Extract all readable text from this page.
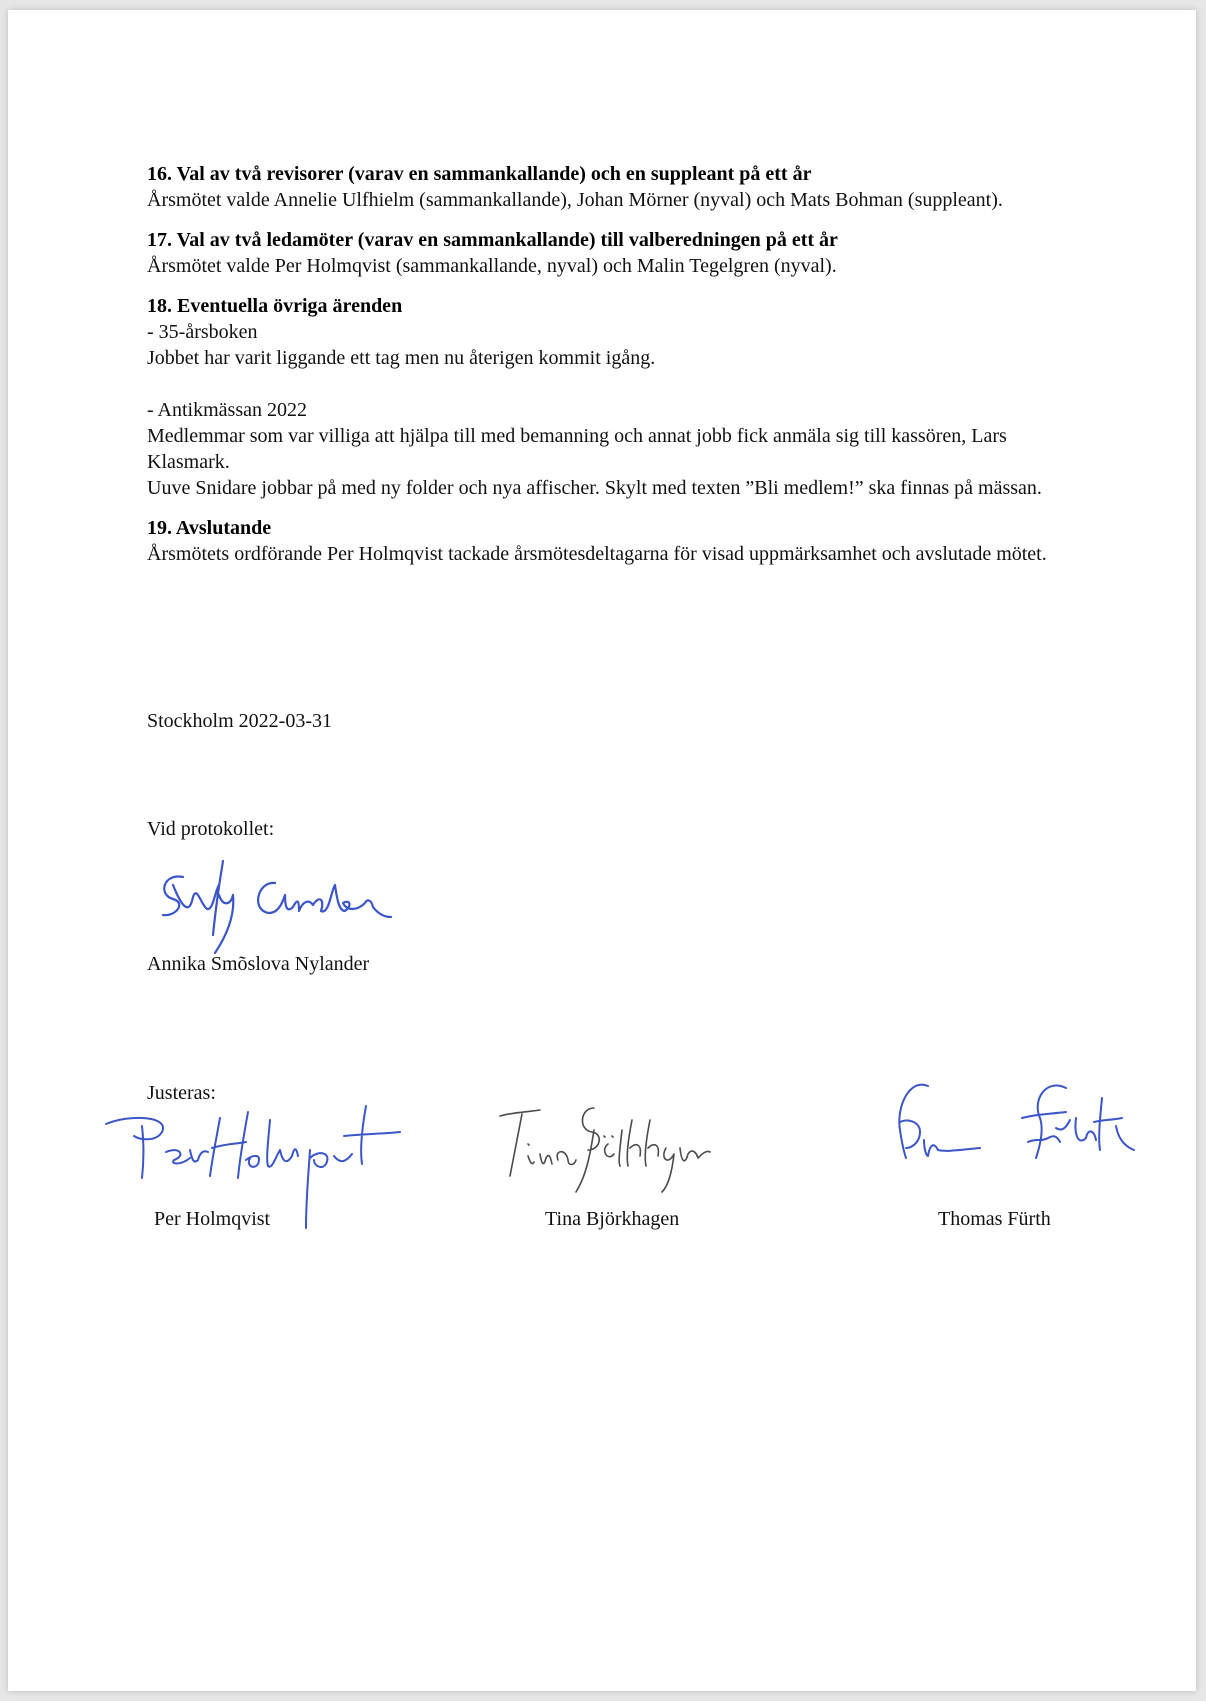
16. Val av två revisorer (varav en sammankallande) och en suppleant på ett år

Årsmötet valde Annelie Ulfhielm (sammankallande), Johan Mörner (nyval) och Mats Bohman (suppleant).

17. Val av två ledamöter (varav en sammankallande) till valberedningen på ett år

Årsmötet valde Per Holmqvist (sammankallande, nyval) och Malin Tegelgren (nyval).

18. Eventuella övriga ärenden

- 35-årsboken

Jobbet har varit liggande ett tag men nu återigen kommit igång.

- Antikmässan 2022

Medlemmar som var villiga att hjälpa till med bemanning och annat jobb fick anmäla sig till kassören, Lars Klasmark.

Uuve Snidare jobbar på med ny folder och nya affischer. Skylt med texten ”Bli medlem!” ska finnas på mässan.

19. Avslutande

Årsmötets ordförande Per Holmqvist tackade årsmötesdeltagarna för visad uppmärksamhet och avslutade mötet.

Stockholm 2022-03-31
Vid protokollet:
Annika Smõslova Nylander
Justeras:
Per Holmqvist	Tina Björkhagen	Thomas Fürth
